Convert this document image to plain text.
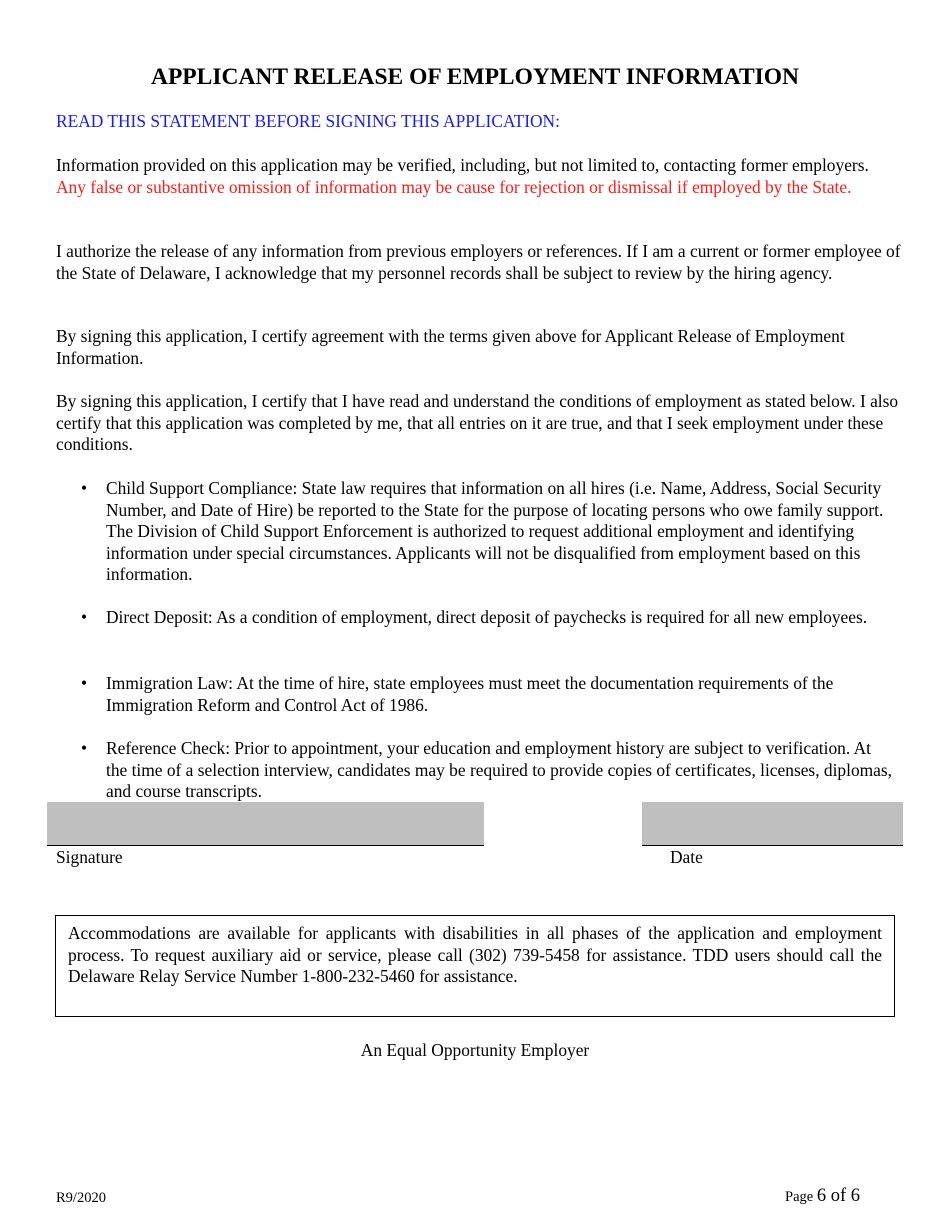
APPLICANT RELEASE OF EMPLOYMENT INFORMATION

READ THIS STATEMENT BEFORE SIGNING THIS APPLICATION:

Information provided on this application may be verified, including, but not limited to, contacting former employers. Any false or substantive omission of information may be cause for rejection or dismissal if employed by the State.

I authorize the release of any information from previous employers or references. If I am a current or former employee of the State of Delaware, I acknowledge that my personnel records shall be subject to review by the hiring agency.

By signing this application, I certify agreement with the terms given above for Applicant Release of Employment Information.

By signing this application, I certify that I have read and understand the conditions of employment as stated below. I also certify that this application was completed by me, that all entries on it are true, and that I seek employment under these conditions.

• Child Support Compliance: State law requires that information on all hires (i.e. Name, Address, Social Security Number, and Date of Hire) be reported to the State for the purpose of locating persons who owe family support. The Division of Child Support Enforcement is authorized to request additional employment and identifying information under special circumstances. Applicants will not be disqualified from employment based on this information.
• Direct Deposit: As a condition of employment, direct deposit of paychecks is required for all new employees.
• Immigration Law: At the time of hire, state employees must meet the documentation requirements of the Immigration Reform and Control Act of 1986.
• Reference Check: Prior to appointment, your education and employment history are subject to verification. At the time of a selection interview, candidates may be required to provide copies of certificates, licenses, diplomas, and course transcripts.
Signature	Date
Accommodations are available for applicants with disabilities in all phases of the application and employment process. To request auxiliary aid or service, please call (302) 739-5458 for assistance. TDD users should call the Delaware Relay Service Number 1-800-232-5460 for assistance.
An Equal Opportunity Employer
R9/2020	Page 6 of 6
